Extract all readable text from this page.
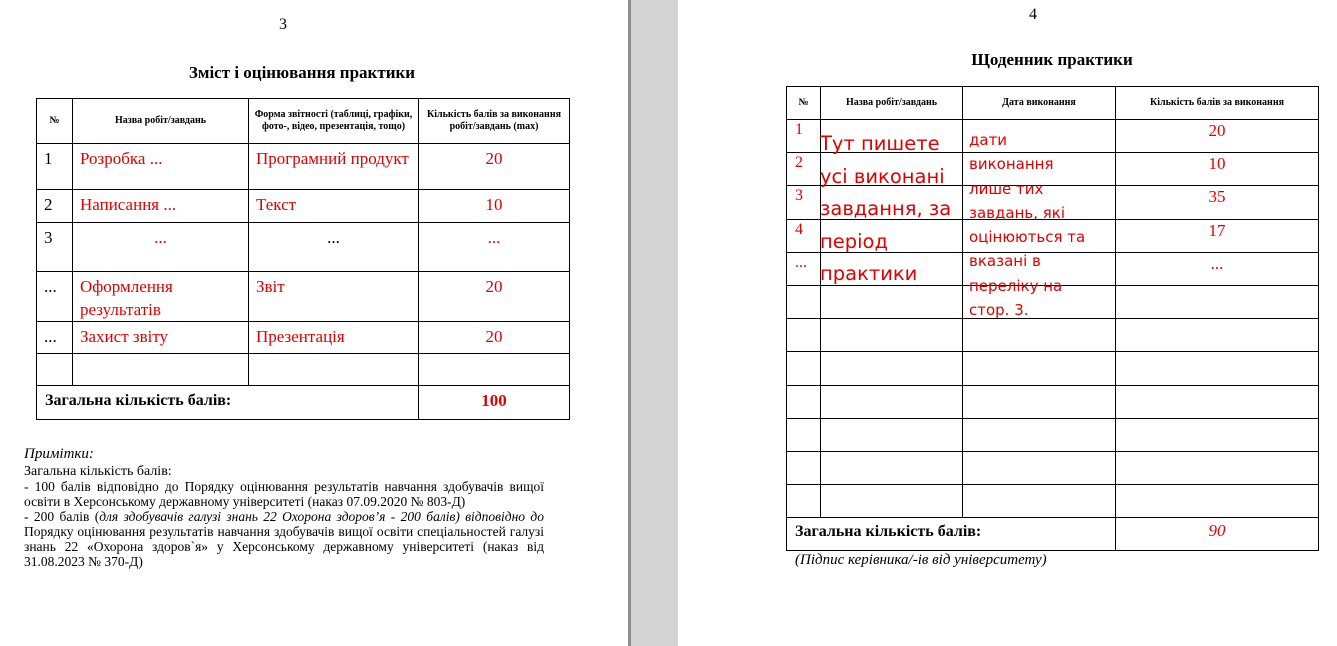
3
Зміст і оцінювання практики
№	Назва робіт/завдань	Форма звітності (таблиці, графіки, фото-, відео, презентація, тощо)	Кількість балів за виконання робіт/завдань (max)
1	Розробка ...	Програмний продукт	20
2	Написання ...	Текст	10
3	...	...	...
...	Оформлення результатів	Звіт	20
...	Захист звіту	Презентація	20

Загальна кількість балів:			100
Примітки:
Загальна кількість балів:
- 100 балів відповідно до Порядку оцінювання результатів навчання здобувачів вищої освіти в Херсонському державному університеті (наказ 07.09.2020 № 803-Д)
- 200 балів (для здобувачів галузі знань 22 Охорона здоров’я - 200 балів) відповідно до Порядку оцінювання результатів навчання здобувачів вищої освіти спеціальностей галузі знань 22 «Охорона здоров`я» у Херсонському державному університеті (наказ від 31.08.2023 № 370-Д)
4
Щоденник практики
№	Назва робіт/завдань	Дата виконання	Кількість балів за виконання
1			20
2			10
3			35
4			17
...			...

Загальна кількість балів:			90
Тут пишете
усі виконані
завдання, за
період
практики
дати
виконання
лише тих
завдань, які
оцінюються та
вказані в
переліку на
стор. 3.
(Підпис керівника/-ів від університету)
